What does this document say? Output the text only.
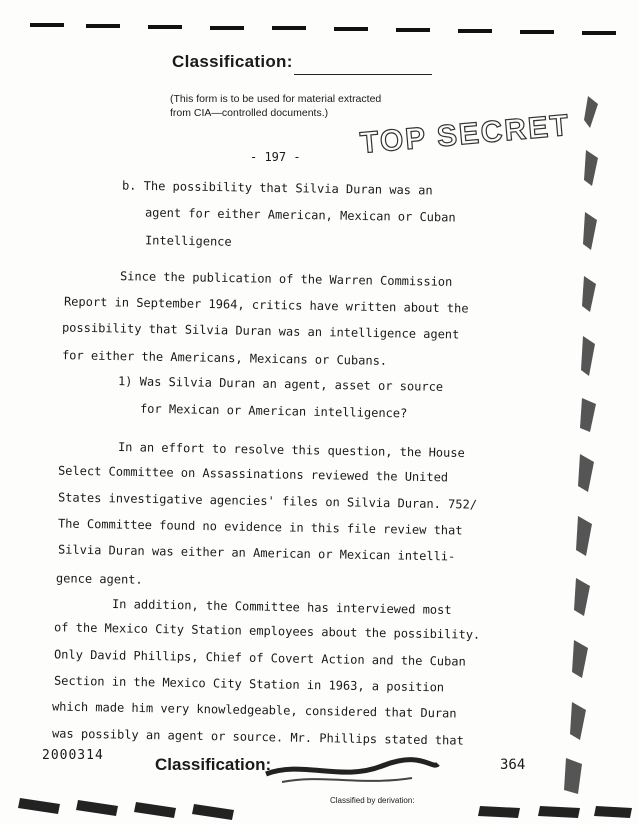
Classification:
(This form is to be used for material extracted
from CIA—controlled documents.)	TOP SECRET
- 197 -
b. The possibility that Silvia Duran was an
agent for either American, Mexican or Cuban
Intelligence
Since the publication of the Warren Commission
Report in September 1964, critics have written about the
possibility that Silvia Duran was an intelligence agent
for either the Americans, Mexicans or Cubans.
1) Was Silvia Duran an agent, asset or source
for Mexican or American intelligence?
In an effort to resolve this question, the House
Select Committee on Assassinations reviewed the United
States investigative agencies' files on Silvia Duran. 752/
The Committee found no evidence in this file review that
Silvia Duran was either an American or Mexican intelli-
gence agent.
In addition, the Committee has interviewed most
of the Mexico City Station employees about the possibility.
Only David Phillips, Chief of Covert Action and the Cuban
Section in the Mexico City Station in 1963, a position
which made him very knowledgeable, considered that Duran
was possibly an agent or source. Mr. Phillips stated that
2000314	Classification:	364
Classified by derivation:
